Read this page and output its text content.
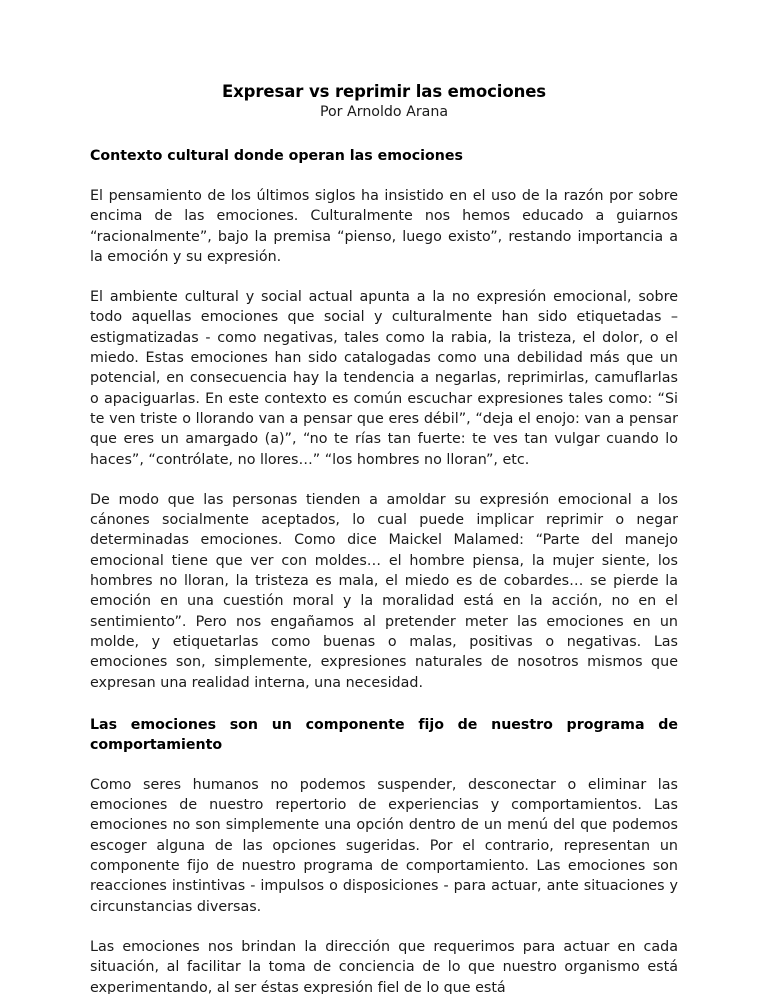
Expresar vs reprimir las emociones
Por Arnoldo Arana
Contexto cultural donde operan las emociones

El pensamiento de los últimos siglos ha insistido en el uso de la razón por sobre encima de las emociones. Culturalmente nos hemos educado a guiarnos “racionalmente”, bajo la premisa “pienso, luego existo”, restando importancia a la emoción y su expresión.

El ambiente cultural y social actual apunta a la no expresión emocional, sobre todo aquellas emociones que social y culturalmente han sido etiquetadas – estigmatizadas - como negativas, tales como la rabia, la tristeza, el dolor, o el miedo. Estas emociones han sido catalogadas como una debilidad más que un potencial, en consecuencia hay la tendencia a negarlas, reprimirlas, camuflarlas o apaciguarlas. En este contexto es común escuchar expresiones tales como: “Si te ven triste o llorando van a pensar que eres débil”, “deja el enojo: van a pensar que eres un amargado (a)”, “no te rías tan fuerte: te ves tan vulgar cuando lo haces”, “contrólate, no llores…” “los hombres no lloran”, etc.

De modo que las personas tienden a amoldar su expresión emocional a los cánones socialmente aceptados, lo cual puede implicar reprimir o negar determinadas emociones. Como dice Maickel Malamed: “Parte del manejo emocional tiene que ver con moldes… el hombre piensa, la mujer siente, los hombres no lloran, la tristeza es mala, el miedo es de cobardes… se pierde la emoción en una cuestión moral y la moralidad está en la acción, no en el sentimiento”. Pero nos engañamos al pretender meter las emociones en un molde, y etiquetarlas como buenas o malas, positivas o negativas. Las emociones son, simplemente, expresiones naturales de nosotros mismos que expresan una realidad interna, una necesidad.

Las emociones son un componente fijo de nuestro programa de comportamiento

Como seres humanos no podemos suspender, desconectar o eliminar las emociones de nuestro repertorio de experiencias y comportamientos. Las emociones no son simplemente una opción dentro de un menú del que podemos escoger alguna de las opciones sugeridas. Por el contrario, representan un componente fijo de nuestro programa de comportamiento. Las emociones son reacciones instintivas - impulsos o disposiciones - para actuar, ante situaciones y circunstancias diversas.

Las emociones nos brindan la dirección que requerimos para actuar en cada situación, al facilitar la toma de conciencia de lo que nuestro organismo está experimentando, al ser éstas expresión fiel de lo que está
